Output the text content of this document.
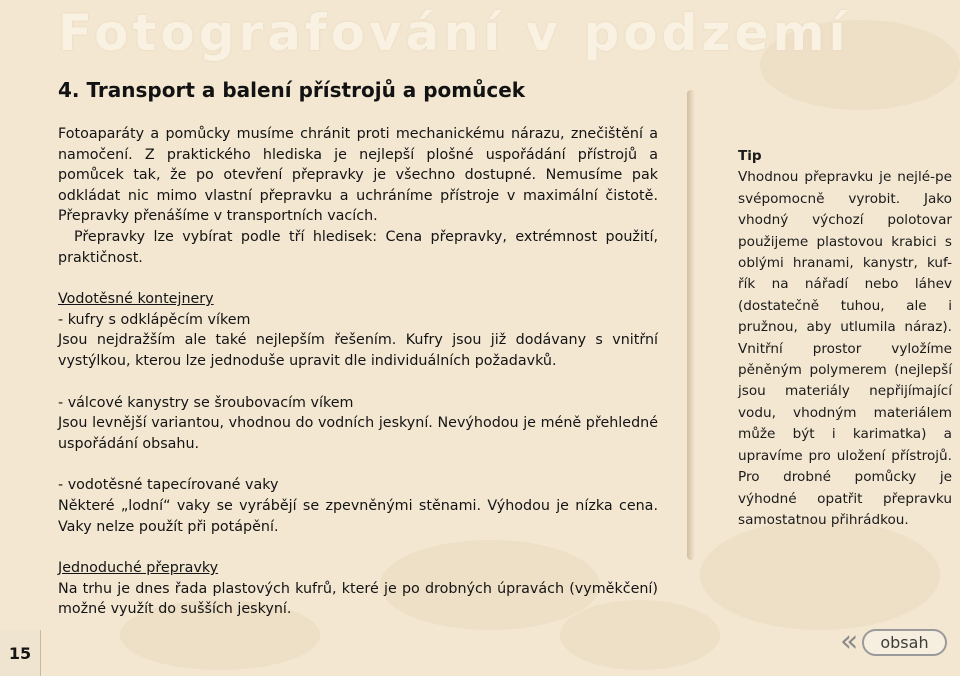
Fotografování v podzemí
4. Transport a balení přístrojů a pomůcek

Fotoaparáty a pomůcky musíme chránit proti mechanickému nárazu, znečištění a namočení. Z praktického hlediska je nejlepší plošné uspořádání přístrojů a pomůcek tak, že po otevření přepravky je všechno dostupné. Nemusíme pak odkládat nic mimo vlastní přepravku a uchráníme přístroje v maximální čistotě. Přepravky přenášíme v transportních vacích.

Přepravky lze vybírat podle tří hledisek: Cena přepravky, extrémnost použití, praktičnost.

Vodotěsné kontejnery

- kufry s odklápěcím víkem

Jsou nejdražším ale také nejlepším řešením. Kufry jsou již dodávany s vnitřní vystýlkou, kterou lze jednoduše upravit dle individuálních požadavků.

- válcové kanystry se šroubovacím víkem

Jsou levnější variantou, vhodnou do vodních jeskyní. Nevýhodou je méně přehledné uspořádání obsahu.

- vodotěsné tapecírované vaky

Některé „lodní“ vaky se vyrábějí se zpevněnými stěnami. Výhodou je nízka cena. Vaky nelze použít při potápění.

Jednoduché přepravky

Na trhu je dnes řada plastových kufrů, které je po drobných úpravách (vyměkčení) možné využít do sušších jeskyní.

Tip

Vhodnou přepravku je nejlé-pe svépomocně vyrobit. Jako vhodný výchozí polotovar použijeme plastovou krabici s oblými hranami, kanystr, kuf-řík na nářadí nebo láhev (dostatečně tuhou, ale i pružnou, aby utlumila náraz). Vnitřní prostor vyložíme pěněným polymerem (nejlepší jsou materiály nepřijímající vodu, vhodným materiálem může být i karimatka) a upravíme pro uložení přístrojů. Pro drobné pomůcky je výhodné opatřit přepravku samostatnou přihrádkou.

15	«	obsah
